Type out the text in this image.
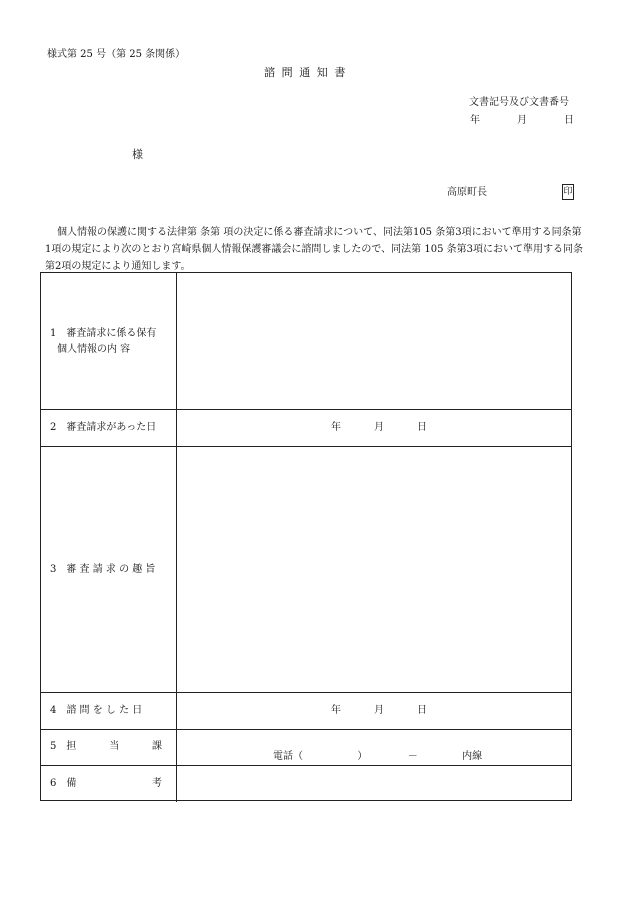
様式第 25 号（第 25 条関係）
諮問通知書
文書記号及び文書番号
年	月	日
様
高原町長	印
個人情報の保護に関する法律第 条第 項の決定に係る審査請求について、同法第105 条第3項において準用する同条第1項の規定により次のとおり宮崎県個人情報保護審議会に諮問しましたので、同法第 105 条第3項において準用する同条第2項の規定により通知します。
1　審査請求に係る保有
個人情報の内 容
2　審査請求があった日	年	月	日
3　審 査 請 求 の 趣 旨
4　諮 問 を し た 日	年	月	日
5　担	当	課
電話（	）	－	内線
6　備	考
